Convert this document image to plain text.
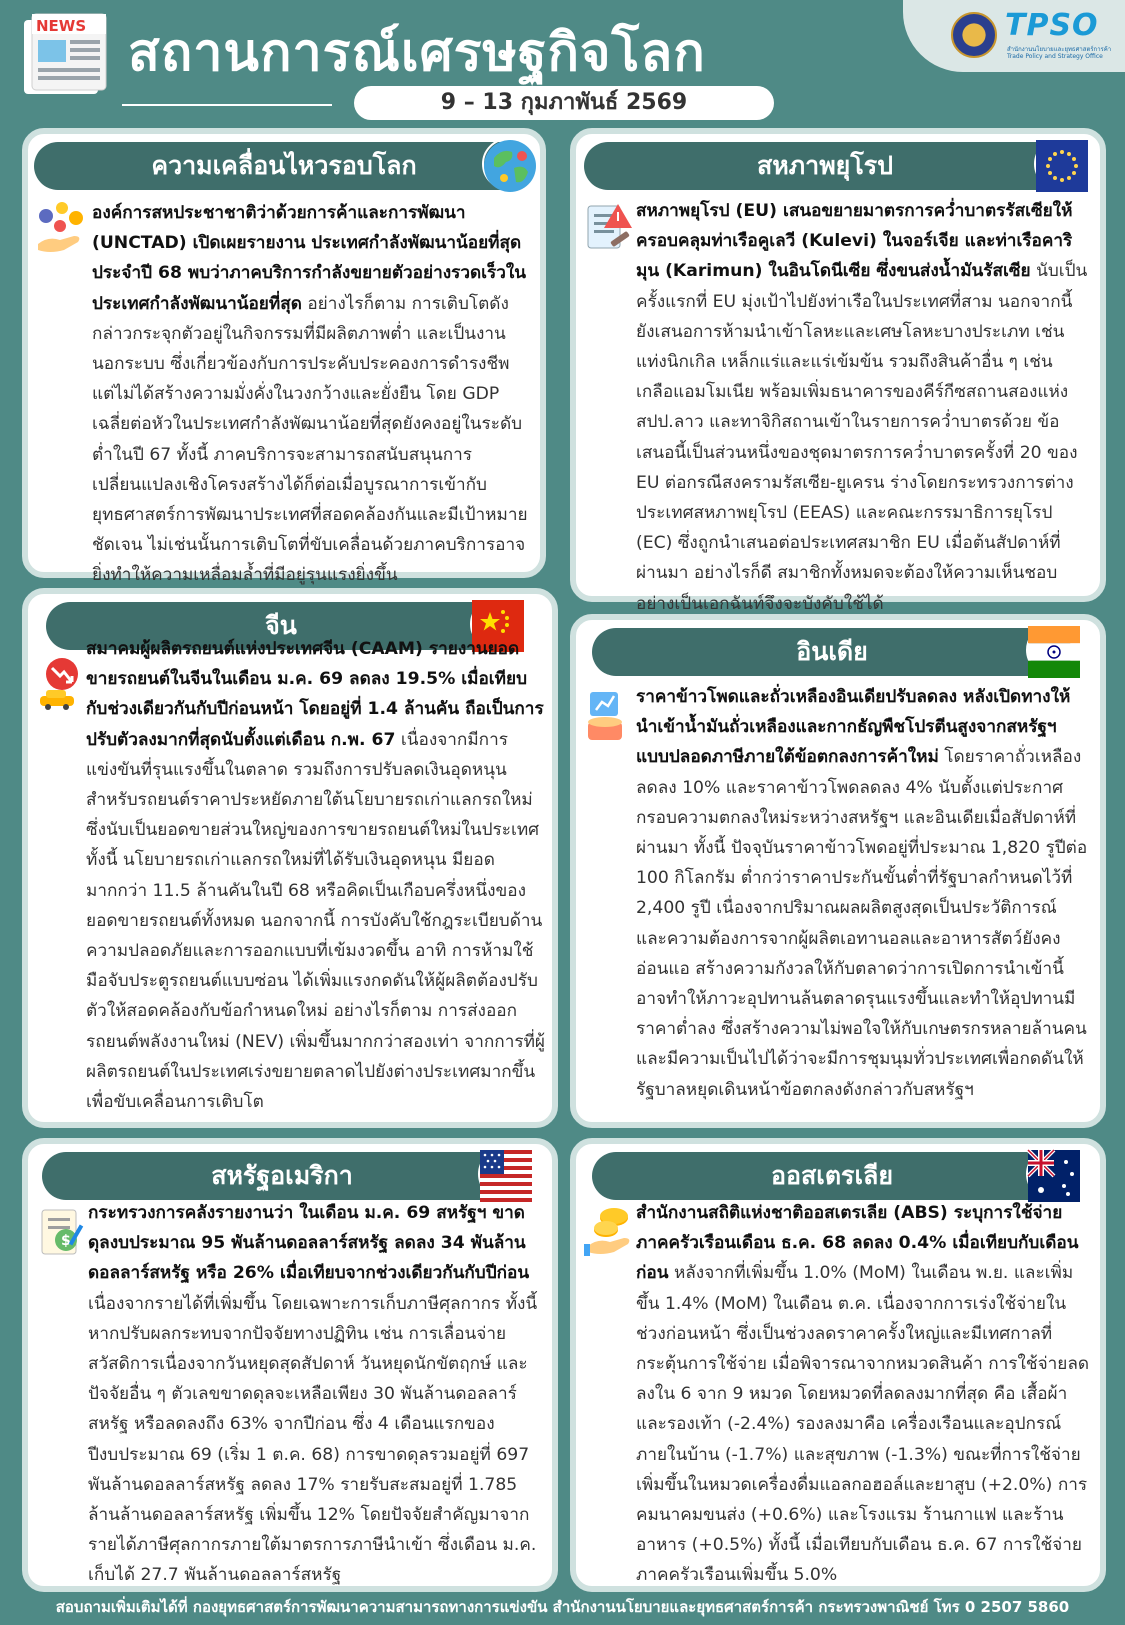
NEWS สถานการณ์เศรษฐกิจโลก
9 – 13 กุมภาพันธ์ 2569
TPSO
สำนักงานนโยบายและยุทธศาสตร์การค้า Trade Policy and Strategy Office
ความเคลื่อนไหวรอบโลก
องค์การสหประชาชาติว่าด้วยการค้าและการพัฒนา (UNCTAD) เปิดเผยรายงาน ประเทศกำลังพัฒนาน้อยที่สุดประจำปี 68 พบว่าภาคบริการกำลังขยายตัวอย่างรวดเร็วในประเทศกำลังพัฒนาน้อยที่สุด อย่างไรก็ตาม การเติบโตดังกล่าวกระจุกตัวอยู่ในกิจกรรมที่มีผลิตภาพต่ำ และเป็นงานนอกระบบ ซึ่งเกี่ยวข้องกับการประคับประคองการดำรงชีพ แต่ไม่ได้สร้างความมั่งคั่งในวงกว้างและยั่งยืน โดย GDP เฉลี่ยต่อหัวในประเทศกำลังพัฒนาน้อยที่สุดยังคงอยู่ในระดับต่ำในปี 67 ทั้งนี้ ภาคบริการจะสามารถสนับสนุนการเปลี่ยนแปลงเชิงโครงสร้างได้ก็ต่อเมื่อบูรณาการเข้ากับยุทธศาสตร์การพัฒนาประเทศที่สอดคล้องกันและมีเป้าหมายชัดเจน ไม่เช่นนั้นการเติบโตที่ขับเคลื่อนด้วยภาคบริการอาจยิ่งทำให้ความเหลื่อมล้ำที่มีอยู่รุนแรงยิ่งขึ้น
สหภาพยุโรป
สหภาพยุโรป (EU) เสนอขยายมาตรการคว่ำบาตรรัสเซียให้ครอบคลุมท่าเรือคูเลวี (Kulevi) ในจอร์เจีย และท่าเรือคาริมุน (Karimun) ในอินโดนีเซีย ซึ่งขนส่งน้ำมันรัสเซีย นับเป็นครั้งแรกที่ EU มุ่งเป้าไปยังท่าเรือในประเทศที่สาม นอกจากนี้ยังเสนอการห้ามนำเข้าโลหะและเศษโลหะบางประเภท เช่น แท่งนิกเกิล เหล็กแร่และแร่เข้มข้น รวมถึงสินค้าอื่น ๆ เช่น เกลือแอมโมเนีย พร้อมเพิ่มธนาคารของคีร์กีซสถานสองแห่ง สปป.ลาว และทาจิกิสถานเข้าในรายการคว่ำบาตรด้วย ข้อเสนอนี้เป็นส่วนหนึ่งของชุดมาตรการคว่ำบาตรครั้งที่ 20 ของ EU ต่อกรณีสงครามรัสเซีย-ยูเครน ร่างโดยกระทรวงการต่างประเทศสหภาพยุโรป (EEAS) และคณะกรรมาธิการยุโรป (EC) ซึ่งถูกนำเสนอต่อประเทศสมาชิก EU เมื่อต้นสัปดาห์ที่ผ่านมา อย่างไรก็ดี สมาชิกทั้งหมดจะต้องให้ความเห็นชอบอย่างเป็นเอกฉันท์จึงจะบังคับใช้ได้
จีน
สมาคมผู้ผลิตรถยนต์แห่งประเทศจีน (CAAM) รายงานยอดขายรถยนต์ในจีนในเดือน ม.ค. 69 ลดลง 19.5% เมื่อเทียบกับช่วงเดียวกันกับปีก่อนหน้า โดยอยู่ที่ 1.4 ล้านคัน ถือเป็นการปรับตัวลงมากที่สุดนับตั้งแต่เดือน ก.พ. 67 เนื่องจากมีการแข่งขันที่รุนแรงขึ้นในตลาด รวมถึงการปรับลดเงินอุดหนุนสำหรับรถยนต์ราคาประหยัดภายใต้นโยบายรถเก่าแลกรถใหม่ ซึ่งนับเป็นยอดขายส่วนใหญ่ของการขายรถยนต์ใหม่ในประเทศ ทั้งนี้ นโยบายรถเก่าแลกรถใหม่ที่ได้รับเงินอุดหนุน มียอดมากกว่า 11.5 ล้านคันในปี 68 หรือคิดเป็นเกือบครึ่งหนึ่งของยอดขายรถยนต์ทั้งหมด นอกจากนี้ การบังคับใช้กฎระเบียบด้านความปลอดภัยและการออกแบบที่เข้มงวดขึ้น อาทิ การห้ามใช้มือจับประตูรถยนต์แบบซ่อน ได้เพิ่มแรงกดดันให้ผู้ผลิตต้องปรับตัวให้สอดคล้องกับข้อกำหนดใหม่ อย่างไรก็ตาม การส่งออกรถยนต์พลังงานใหม่ (NEV) เพิ่มขึ้นมากกว่าสองเท่า จากการที่ผู้ผลิตรถยนต์ในประเทศเร่งขยายตลาดไปยังต่างประเทศมากขึ้นเพื่อขับเคลื่อนการเติบโต
อินเดีย
ราคาข้าวโพดและถั่วเหลืองอินเดียปรับลดลง หลังเปิดทางให้นำเข้าน้ำมันถั่วเหลืองและกากธัญพืชโปรตีนสูงจากสหรัฐฯ แบบปลอดภาษีภายใต้ข้อตกลงการค้าใหม่ โดยราคาถั่วเหลืองลดลง 10% และราคาข้าวโพดลดลง 4% นับตั้งแต่ประกาศกรอบความตกลงใหม่ระหว่างสหรัฐฯ และอินเดียเมื่อสัปดาห์ที่ผ่านมา ทั้งนี้ ปัจจุบันราคาข้าวโพดอยู่ที่ประมาณ 1,820 รูปีต่อ 100 กิโลกรัม ต่ำกว่าราคาประกันขั้นต่ำที่รัฐบาลกำหนดไว้ที่ 2,400 รูปี เนื่องจากปริมาณผลผลิตสูงสุดเป็นประวัติการณ์ และความต้องการจากผู้ผลิตเอทานอลและอาหารสัตว์ยังคงอ่อนแอ สร้างความกังวลให้กับตลาดว่าการเปิดการนำเข้านี้อาจทำให้ภาวะอุปทานล้นตลาดรุนแรงขึ้นและทำให้อุปทานมีราคาต่ำลง ซึ่งสร้างความไม่พอใจให้กับเกษตรกรหลายล้านคน และมีความเป็นไปได้ว่าจะมีการชุมนุมทั่วประเทศเพื่อกดดันให้รัฐบาลหยุดเดินหน้าข้อตกลงดังกล่าวกับสหรัฐฯ
สหรัฐอเมริกา
$
กระทรวงการคลังรายงานว่า ในเดือน ม.ค. 69 สหรัฐฯ ขาดดุลงบประมาณ 95 พันล้านดอลลาร์สหรัฐ ลดลง 34 พันล้านดอลลาร์สหรัฐ หรือ 26% เมื่อเทียบจากช่วงเดียวกันกับปีก่อน เนื่องจากรายได้ที่เพิ่มขึ้น โดยเฉพาะการเก็บภาษีศุลกากร ทั้งนี้หากปรับผลกระทบจากปัจจัยทางปฏิทิน เช่น การเลื่อนจ่ายสวัสดิการเนื่องจากวันหยุดสุดสัปดาห์ วันหยุดนักขัตฤกษ์ และปัจจัยอื่น ๆ ตัวเลขขาดดุลจะเหลือเพียง 30 พันล้านดอลลาร์สหรัฐ หรือลดลงถึง 63% จากปีก่อน ซึ่ง 4 เดือนแรกของปีงบประมาณ 69 (เริ่ม 1 ต.ค. 68) การขาดดุลรวมอยู่ที่ 697 พันล้านดอลลาร์สหรัฐ ลดลง 17% รายรับสะสมอยู่ที่ 1.785 ล้านล้านดอลลาร์สหรัฐ เพิ่มขึ้น 12% โดยปัจจัยสำคัญมาจากรายได้ภาษีศุลกากรภายใต้มาตรการภาษีนำเข้า ซึ่งเดือน ม.ค. เก็บได้ 27.7 พันล้านดอลลาร์สหรัฐ
ออสเตรเลีย
สำนักงานสถิติแห่งชาติออสเตรเลีย (ABS) ระบุการใช้จ่ายภาคครัวเรือนเดือน ธ.ค. 68 ลดลง 0.4% เมื่อเทียบกับเดือนก่อน หลังจากที่เพิ่มขึ้น 1.0% (MoM) ในเดือน พ.ย. และเพิ่มขึ้น 1.4% (MoM) ในเดือน ต.ค. เนื่องจากการเร่งใช้จ่ายในช่วงก่อนหน้า ซึ่งเป็นช่วงลดราคาครั้งใหญ่และมีเทศกาลที่กระตุ้นการใช้จ่าย เมื่อพิจารณาจากหมวดสินค้า การใช้จ่ายลดลงใน 6 จาก 9 หมวด โดยหมวดที่ลดลงมากที่สุด คือ เสื้อผ้าและรองเท้า (-2.4%) รองลงมาคือ เครื่องเรือนและอุปกรณ์ภายในบ้าน (-1.7%) และสุขภาพ (-1.3%) ขณะที่การใช้จ่ายเพิ่มขึ้นในหมวดเครื่องดื่มแอลกอฮอล์และยาสูบ (+2.0%) การคมนาคมขนส่ง (+0.6%) และโรงแรม ร้านกาแฟ และร้านอาหาร (+0.5%) ทั้งนี้ เมื่อเทียบกับเดือน ธ.ค. 67 การใช้จ่ายภาคครัวเรือนเพิ่มขึ้น 5.0%
สอบถามเพิ่มเติมได้ที่ กองยุทธศาสตร์การพัฒนาความสามารถทางการแข่งขัน สำนักงานนโยบายและยุทธศาสตร์การค้า กระทรวงพาณิชย์ โทร 0 2507 5860
